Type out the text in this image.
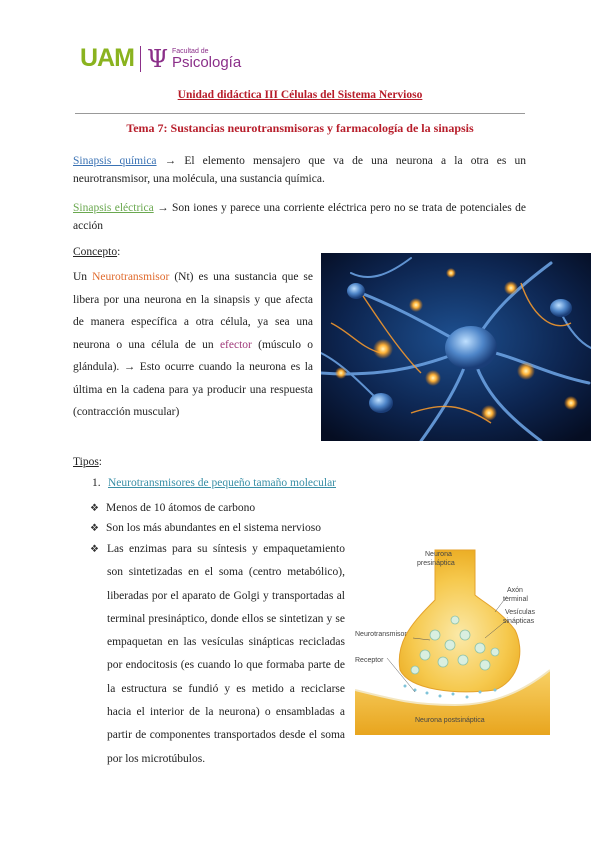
UAM Ψ Facultad de
Psicología
Unidad didáctica III Células del Sistema Nervioso
Tema 7: Sustancias neurotransmisoras y farmacología de la sinapsis

Sinapsis química → El elemento mensajero que va de una neurona a la otra es un neurotransmisor, una molécula, una sustancia química.

Sinapsis eléctrica → Son iones y parece una corriente eléctrica pero no se trata de potenciales de acción

Concepto:

Un Neurotransmisor (Nt) es una sustancia que se libera por una neurona en la sinapsis y que afecta de manera específica a otra célula, ya sea una neurona o una célula de un efector (músculo o glándula). → Esto ocurre cuando la neurona es la última en la cadena para ya producir una respuesta (contracción muscular)

Tipos:
1. Neurotransmisores de pequeño tamaño molecular
❖ Menos de 10 átomos de carbono
❖ Son los más abundantes en el sistema nervioso
❖ Las enzimas para su síntesis y empaquetamiento son sintetizadas en el soma (centro metabólico), liberadas por el aparato de Golgi y transportadas al terminal presináptico, donde ellos se sintetizan y se empaquetan en las vesículas sinápticas recicladas por endocitosis (es cuando lo que formaba parte de la estructura se fundió y es metido a reciclarse hacia el interior de la neurona) o ensambladas a partir de componentes transportados desde el soma por los microtúbulos.
Neurona
presináptica
Axón
terminal
Vesículas
sinápticas
Neurotransmisor
Receptor
Neurona postsináptica
